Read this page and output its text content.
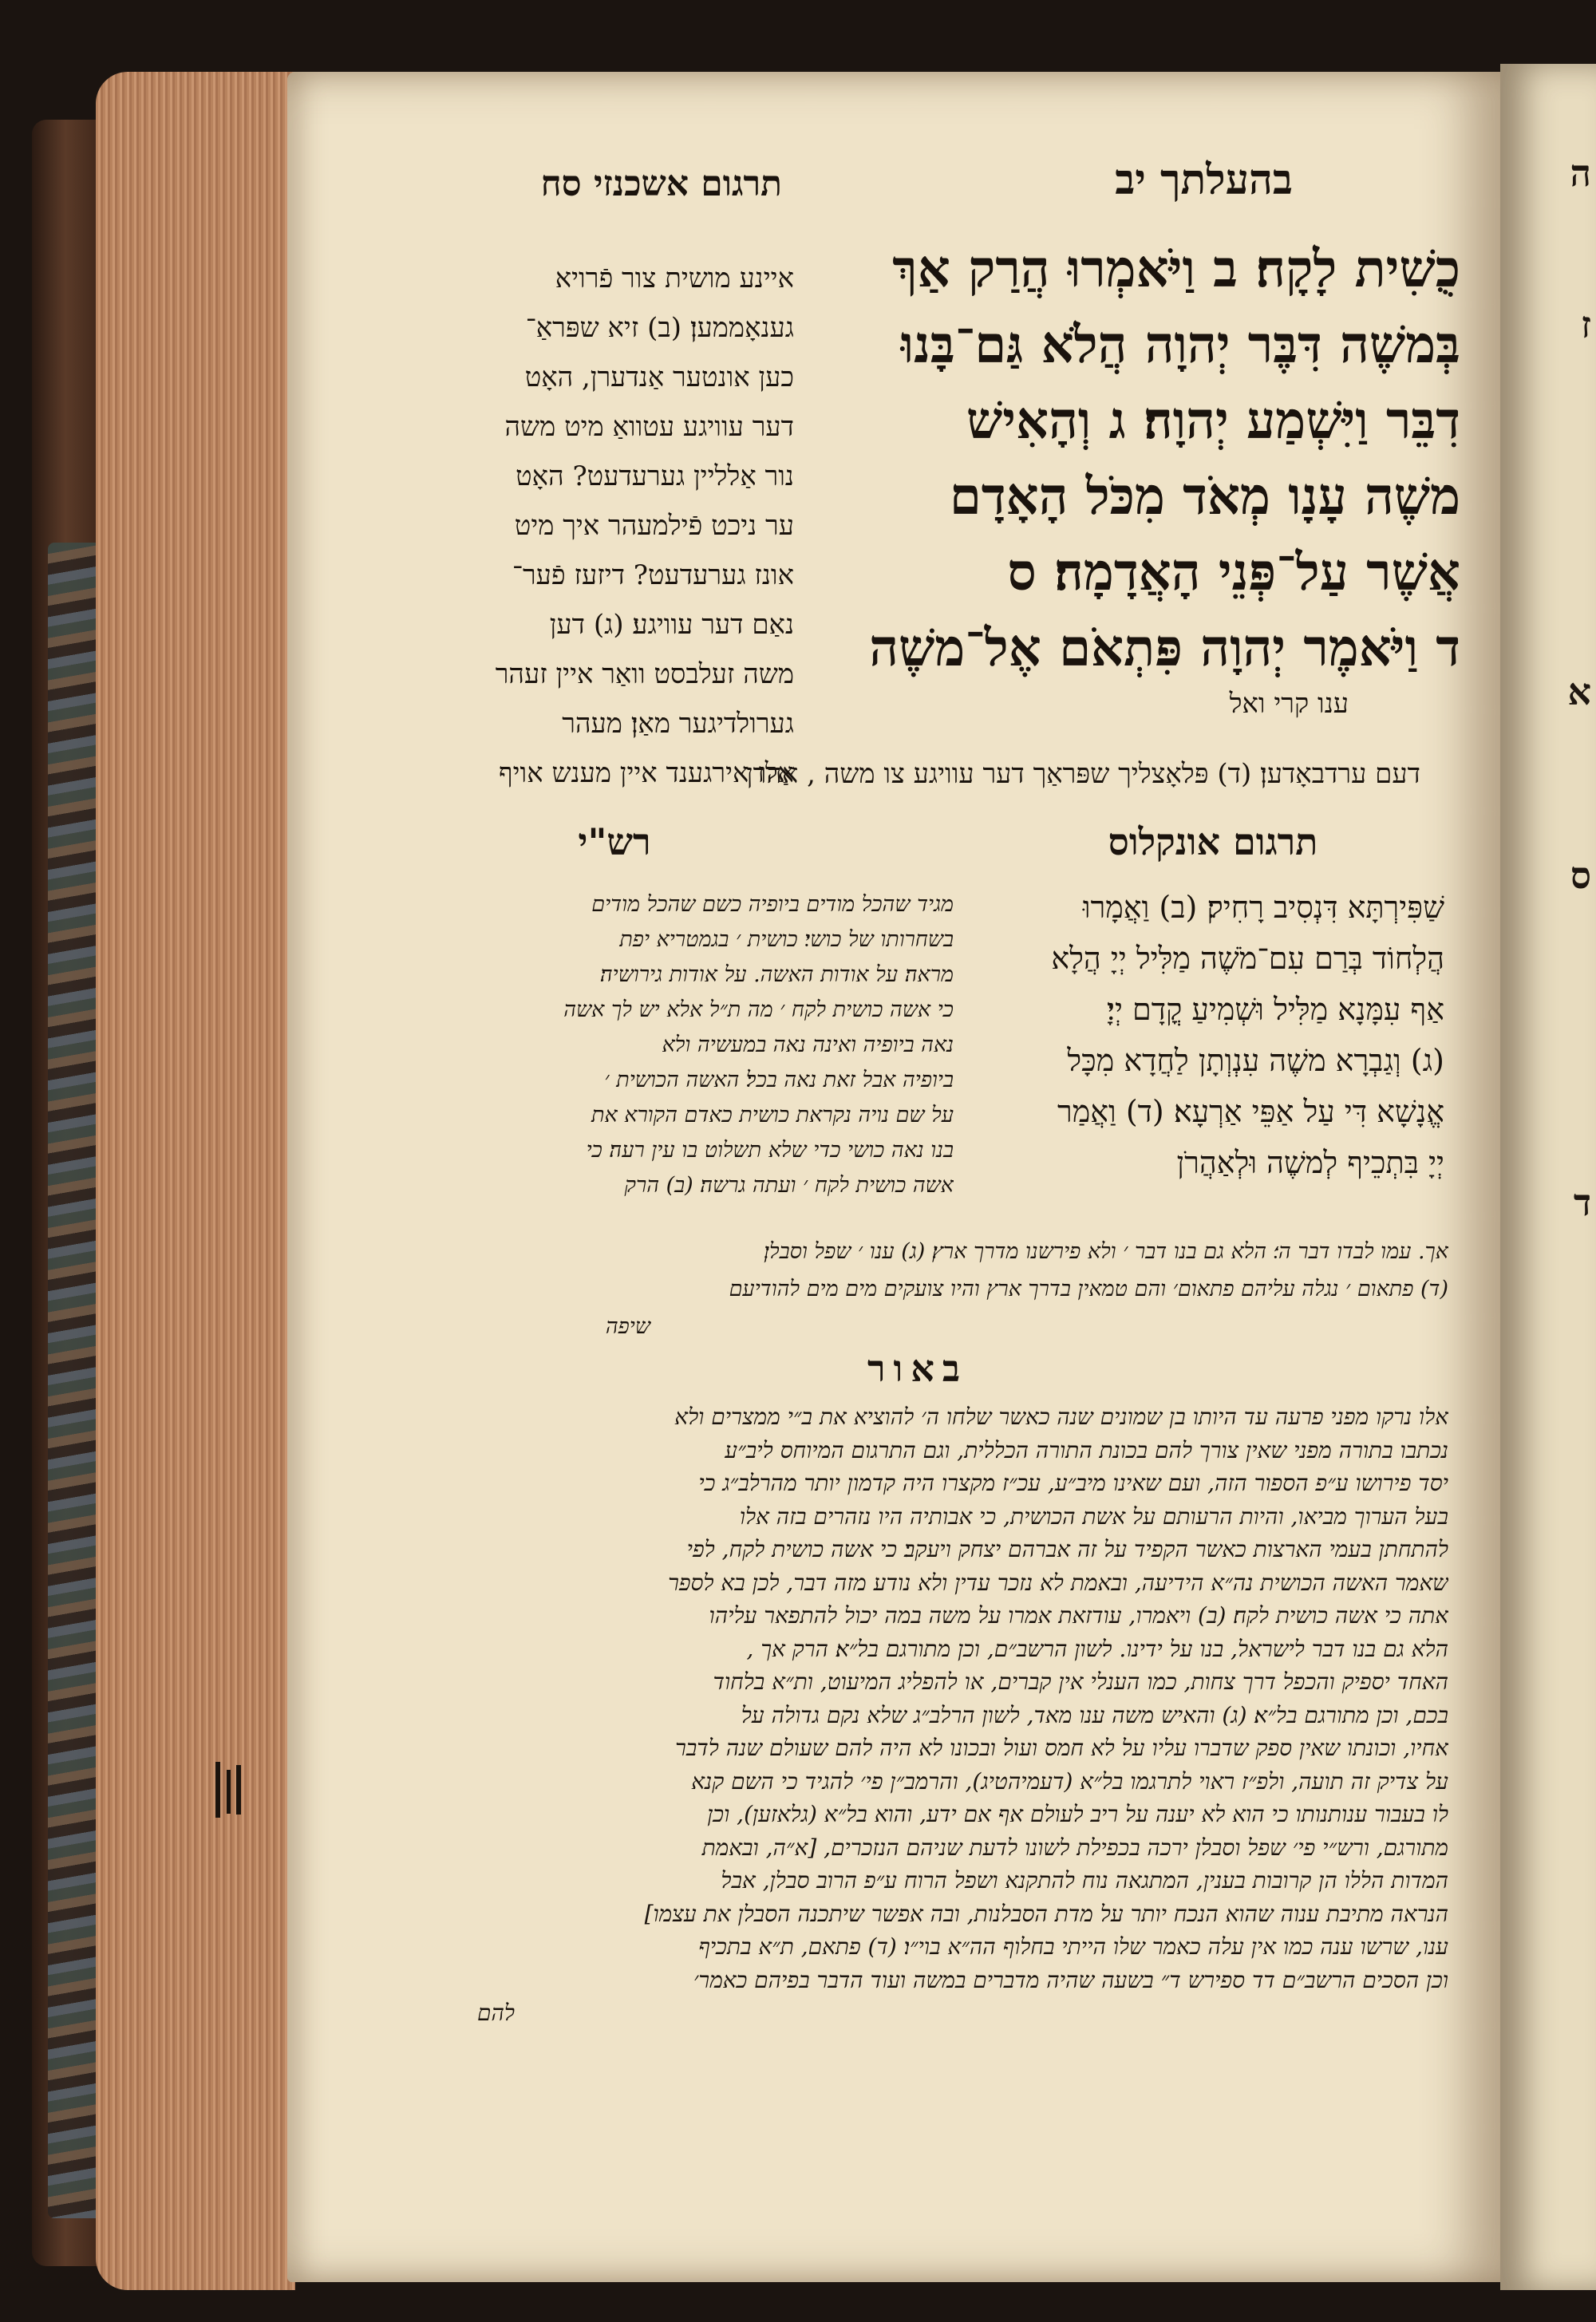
ה
ז
א
ס
ד
בהעלתך יב
תרגום אשכנזי סח
כֻשִׁית לָקָח׃ ב וַיֹּאמְרוּ הֲרַק אַךְ
בְּמשֶׁה דִּבֶּר יְהוָה הֲלֹא גַּם־בָּנוּ
דִבֵּר וַיִּשְׁמַע יְהוָה׃ ג וְהָאִישׁ
משֶׁה עָנָו מְאֹד מִכֹּל הָאָדָם
אֲשֶׁר עַל־פְּנֵי הָאֲדָמָה׃ ס
ד וַיֹּאמֶר יְהוָה פִּתְאֹם אֶל־משֶׁה
ענו קרי ואל
איינע מושית צור פֿרויא
גענאָממען׃ (ב) זיא שפּראַ־
כען אונטער אַנדערן, האָט
דער עוויגע עטוואַ מיט משה
נור אַלליין גערעדעט? האָט
ער ניכט פֿילמעהר איך מיט
אונז גערעדעט? דיזעז פֿער־
נאַם דער עוויגע׃ (ג) דען
משה זעלבסט וואַר איין זעהר
גערולדיגער מאַן׃ מעהר
אַלז אירגענד איין מענש אויף
דעם ערדבאָדען׃ (ד) פּלאָצליך שפּראַך דער עוויגע צו משה , אהרן
תרגום אונקלוס
רש"י
שַׁפִּירְתָּא דִּנְסִיב רָחִיק׃ (ב) וַאֲמָרוּ
הֲלְחוֹד בְּרַם עִם־מֹשֶׁה מַלִּיל יְיָ הֲלָא
אַף עִמָּנָא מַלִּיל וּשְׁמִיעַ קֳדָם יְיָ׃
(ג) וְגַבְרָא משֶׁה עִנְוְתָן לַחֲדָא מִכָּל
אֱנָשָׁא דִּי עַל אַפֵּי אַרְעָא׃ (ד) וַאֲמַר
יְיָ בִּתְכֵיף לְמשֶׁה וּלְאַהֲרֹן
מגיד שהכל מודים ביופיה כשם שהכל מודים
בשחרותו של כושי׃ כושית ׳ בגמטריא יפת
מראה׃ על אודות האשה. על אודות גירושיה׃
כי אשה כושית לקח ׳ מה ת״ל אלא יש לך אשה
נאה ביופיה ואינה נאה במעשיה ולא
ביופיה אבל זאת נאה בכל׃ האשה הכושית ׳
על שם נויה נקראת כושית כאדם הקורא את
בנו נאה כושי כדי שלא תשלוט בו עין רעה׃ כי
אשה כושית לקח ׳ ועתה גרשה׃ (ב) הרק
אך. עמו לבדו דבר ה׳׃ הלא גם בנו דבר ׳ ולא פירשנו מדרך ארץ׃ (ג) ענו ׳ שפל וסבלן׃
(ד) פתאום ׳ נגלה עליהם פתאום׳ והם טמאין בדרך ארץ והיו צועקים מים מים להודיעם
שיפה
באור
אלו נרקו מפני פרעה עד היותו בן שמונים שנה כאשר שלחו ה׳ להוציא את ב״י ממצרים ולא
נכתבו בתורה מפני שאין צורך להם בכונת התורה הכללית, וגם התרגום המיוחס ליב״ע
יסד פירושו ע״פ הספור הזה, ועם שאינו מיב״ע, עכ״ז מקצרו היה קדמון יותר מהרלב״ג כי
בעל הערוך מביאו, והיות הרעותם על אשת הכושית, כי אבותיה היו נזהרים בזה אלו
להתחתן בעמי הארצות כאשר הקפיד על זה אברהם יצחק ויעקב׃ כי אשה כושית לקח, לפי
שאמר האשה הכושית נה״א הידיעה, ובאמת לא נזכר עדין ולא נודע מזה דבר, לכן בא לספר
אתה כי אשה כושית לקח׃ (ב) ויאמרו, עודזאת אמרו על משה במה יכול להתפאר עליהו
הלא גם בנו דבר לישראל, בנו על ידינו. לשון הרשב״ם, וכן מתורגם בל״א׃ הרק אך ,
האחד יספיק והכפל דרך צחות, כמו הענלי אין קברים, או להפליג המיעוט, ות״א בלחוד
בכם, וכן מתורגם בל״א׃ (ג) והאיש משה ענו מאד, לשון הרלב״ג שלא נקם גדולה על
אחיו, וכונתו שאין ספק שדברו עליו על לא חמס ועול ובכונו לא היה להם שעולם שנה לדבר
על צדיק זה תועה, ולפ״ז ראוי לתרגמו בל״א (דעמיהטיג), והרמב״ן פי׳ להגיד כי השם קנא
לו בעבור ענותנותו כי הוא לא יענה על ריב לעולם אף אם ידע, והוא בל״א (גלאזען), וכן
מתורגם, ורש״י פי׳ שפל וסבלן ירכה בכפילת לשונו לדעת שניהם הנזכרים, [א״ה, ובאמת
המדות הללו הן קרובות בענין, המתגאה נוח להתקנא ושפל הרוח ע״פ הרוב סבלן, אבל
הנראה מתיבת ענוה שהוא הנכח יותר על מדת הסבלנות, ובה אפשר שיתכנה הסבלן את עצמו]
ענו, שרשו ענה כמו אין עלה כאמר שלו הייתי בחלוף הה״א בוי״ו׃ (ד) פתאם, ת״א בתכיף
וכן הסכים הרשב״ם דד ספירש ד״ בשעה שהיה מדברים במשה ועוד הדבר בפיהם כאמר׳
להם
